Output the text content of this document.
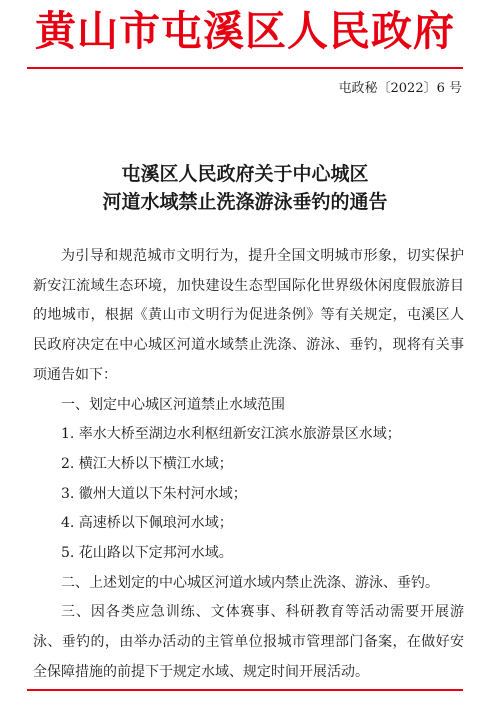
黄山市屯溪区人民政府
屯政秘〔2022〕6 号
屯溪区人民政府关于中心城区
河道水域禁止洗涤游泳垂钓的通告

为引导和规范城市文明行为，提升全国文明城市形象，切实保护新安江流域生态环境，加快建设生态型国际化世界级休闲度假旅游目的地城市，根据《黄山市文明行为促进条例》等有关规定，屯溪区人民政府决定在中心城区河道水域禁止洗涤、游泳、垂钓，现将有关事项通告如下：

一、划定中心城区河道禁止水域范围

1. 率水大桥至湖边水利枢纽新安江滨水旅游景区水域；

2. 横江大桥以下横江水域；

3. 徽州大道以下朱村河水域；

4. 高速桥以下佩琅河水域；

5. 花山路以下定邦河水域。

二、上述划定的中心城区河道水域内禁止洗涤、游泳、垂钓。

三、因各类应急训练、文体赛事、科研教育等活动需要开展游泳、垂钓的，由举办活动的主管单位报城市管理部门备案，在做好安全保障措施的前提下于规定水域、规定时间开展活动。
